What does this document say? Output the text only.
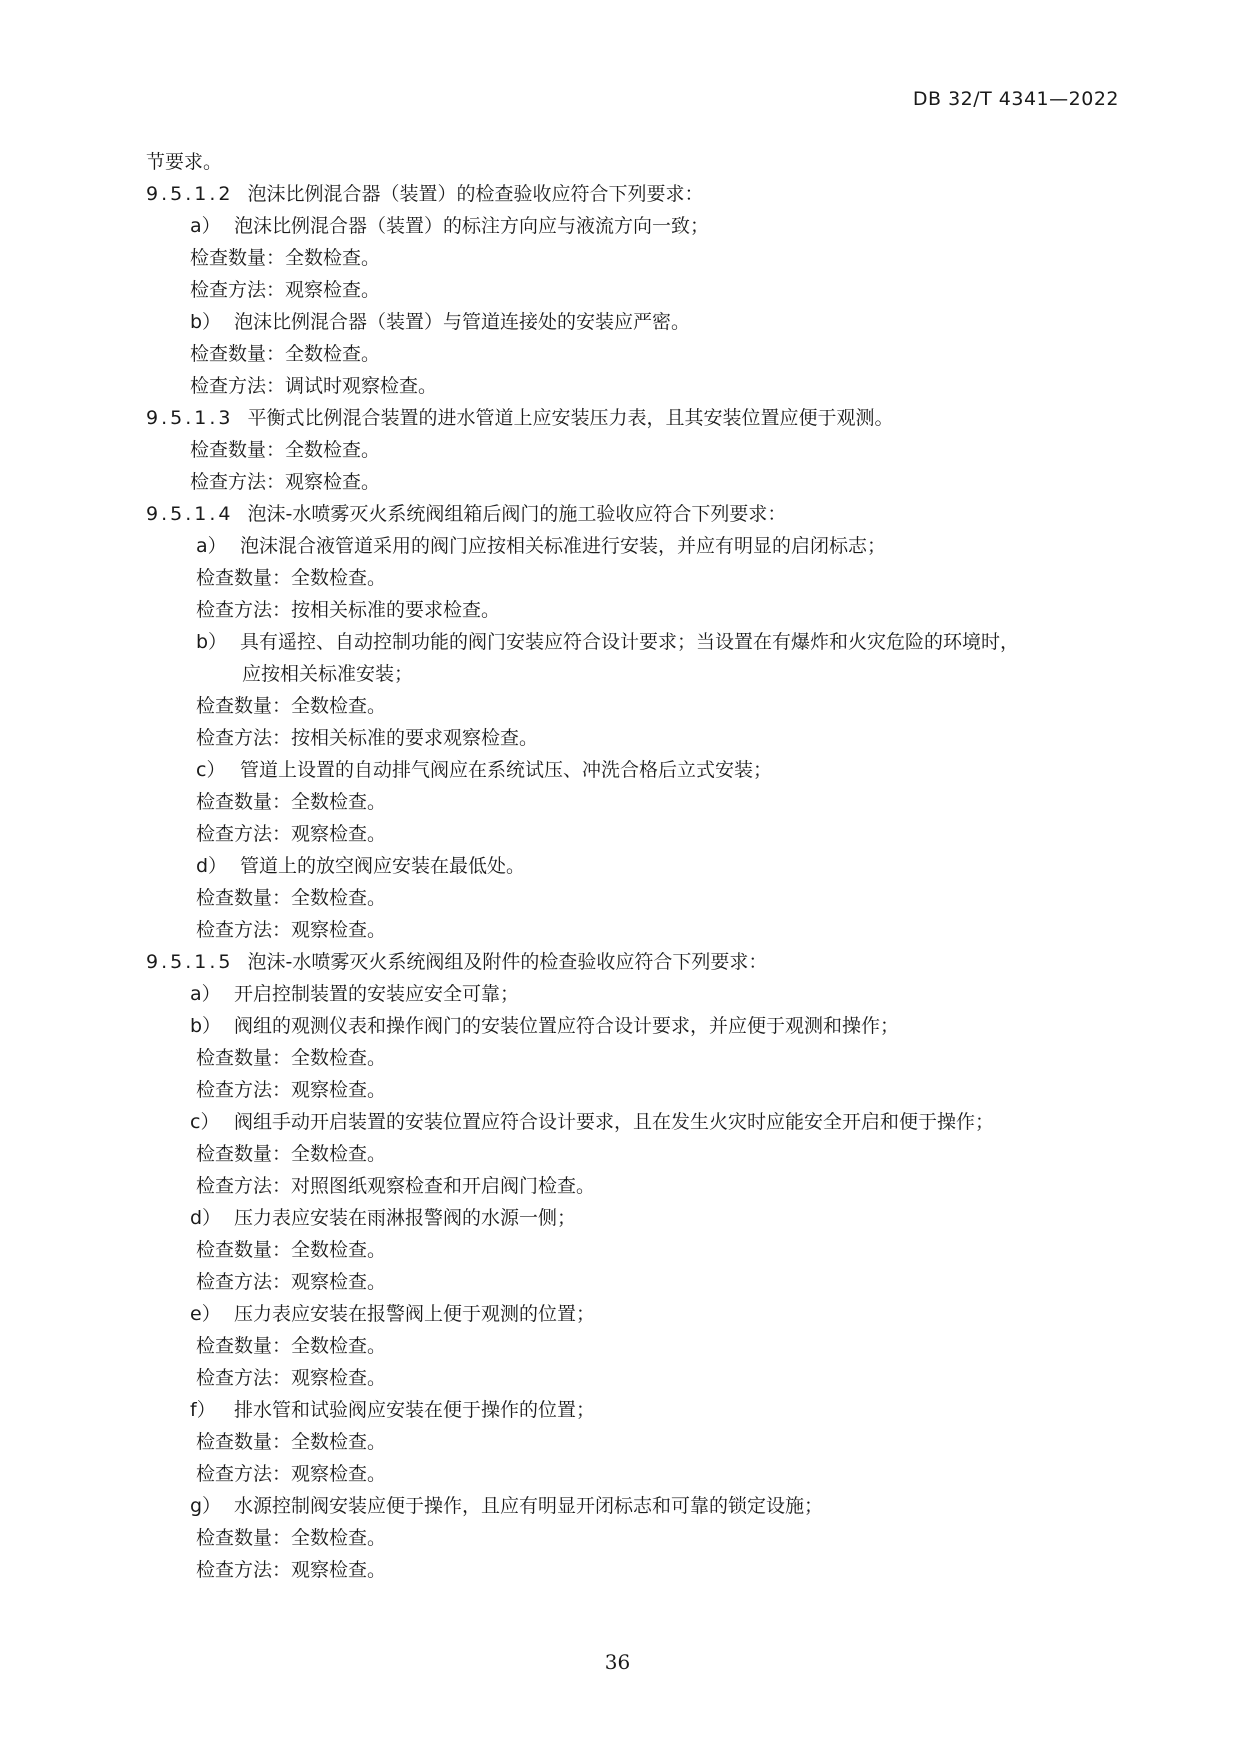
DB 32/T 4341—2022
节要求。
9.5.1.2 泡沫比例混合器（装置）的检查验收应符合下列要求：
a） 泡沫比例混合器（装置）的标注方向应与液流方向一致；
检查数量：全数检查。
检查方法：观察检查。
b） 泡沫比例混合器（装置）与管道连接处的安装应严密。
检查数量：全数检查。
检查方法：调试时观察检查。
9.5.1.3 平衡式比例混合装置的进水管道上应安装压力表，且其安装位置应便于观测。
检查数量：全数检查。
检查方法：观察检查。
9.5.1.4 泡沫-水喷雾灭火系统阀组箱后阀门的施工验收应符合下列要求：
a） 泡沫混合液管道采用的阀门应按相关标准进行安装，并应有明显的启闭标志；
检查数量：全数检查。
检查方法：按相关标准的要求检查。
b） 具有遥控、自动控制功能的阀门安装应符合设计要求；当设置在有爆炸和火灾危险的环境时，
应按相关标准安装；
检查数量：全数检查。
检查方法：按相关标准的要求观察检查。
c） 管道上设置的自动排气阀应在系统试压、冲洗合格后立式安装；
检查数量：全数检查。
检查方法：观察检查。
d） 管道上的放空阀应安装在最低处。
检查数量：全数检查。
检查方法：观察检查。
9.5.1.5 泡沫-水喷雾灭火系统阀组及附件的检查验收应符合下列要求：
a） 开启控制装置的安装应安全可靠；
b） 阀组的观测仪表和操作阀门的安装位置应符合设计要求，并应便于观测和操作；
检查数量：全数检查。
检查方法：观察检查。
c） 阀组手动开启装置的安装位置应符合设计要求，且在发生火灾时应能安全开启和便于操作；
检查数量：全数检查。
检查方法：对照图纸观察检查和开启阀门检查。
d） 压力表应安装在雨淋报警阀的水源一侧；
检查数量：全数检查。
检查方法：观察检查。
e） 压力表应安装在报警阀上便于观测的位置；
检查数量：全数检查。
检查方法：观察检查。
f） 排水管和试验阀应安装在便于操作的位置；
检查数量：全数检查。
检查方法：观察检查。
g） 水源控制阀安装应便于操作，且应有明显开闭标志和可靠的锁定设施；
检查数量：全数检查。
检查方法：观察检查。
36
